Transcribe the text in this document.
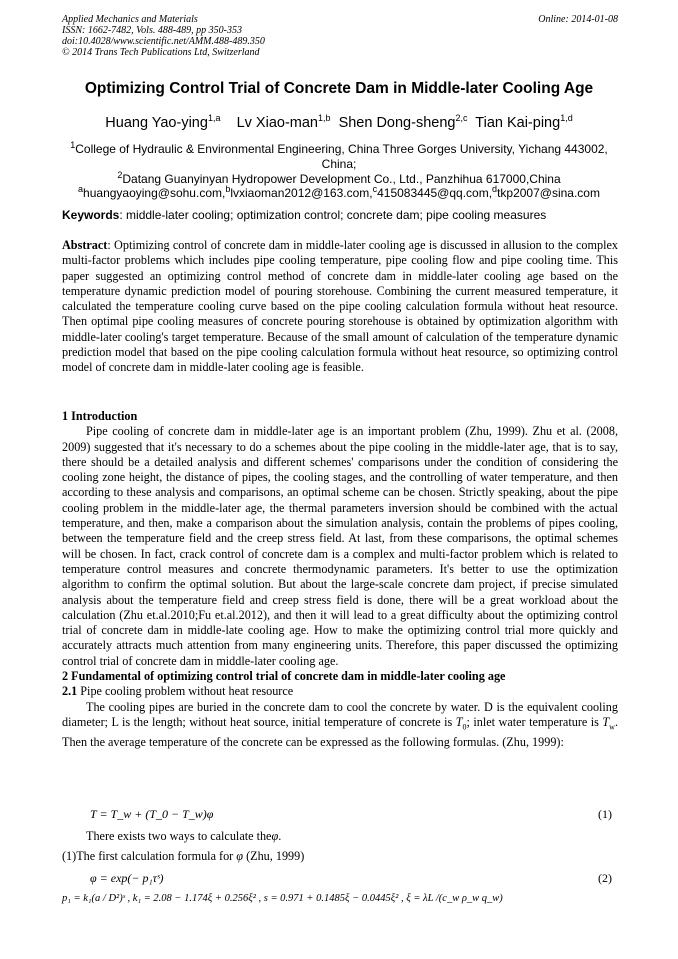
Applied Mechanics and Materials
ISSN: 1662-7482, Vols. 488-489, pp 350-353
doi:10.4028/www.scientific.net/AMM.488-489.350
© 2014 Trans Tech Publications Ltd, Switzerland
Online: 2014-01-08
Optimizing Control Trial of Concrete Dam in Middle-later Cooling Age
Huang Yao-ying$^{1,a}$ Lv Xiao-man$^{1,b}$ Shen Dong-sheng$^{2,c}$ Tian Kai-ping$^{1,d}$
$^1$College of Hydraulic & Environmental Engineering, China Three Gorges University, Yichang 443002, China;
$^2$Datang Guanyinyan Hydropower Development Co., Ltd., Panzhihua 617000,China
$^a$huangyaoying@sohu.com,$^b$lvxiaoman2012@163.com,$^c$415083445@qq.com,$^d$tkp2007@sina.com
Keywords: middle-later cooling; optimization control; concrete dam; pipe cooling measures
Abstract: Optimizing control of concrete dam in middle-later cooling age is discussed in allusion to the complex multi-factor problems which includes pipe cooling temperature, pipe cooling flow and pipe cooling time. This paper suggested an optimizing control method of concrete dam in middle-later cooling age based on the temperature dynamic prediction model of pouring storehouse. Combining the current measured temperature, it calculated the temperature cooling curve based on the pipe cooling calculation formula without heat resource. Then optimal pipe cooling measures of concrete pouring storehouse is obtained by optimization algorithm with middle-later cooling's target temperature. Because of the small amount of calculation of the temperature dynamic prediction model that based on the pipe cooling calculation formula without heat resource, so optimizing control model of concrete dam in middle-later cooling age is feasible.
1 Introduction
Pipe cooling of concrete dam in middle-later age is an important problem (Zhu, 1999). Zhu et al. (2008, 2009) suggested that it's necessary to do a schemes about the pipe cooling in the middle-later age, that is to say, there should be a detailed analysis and different schemes' comparisons under the condition of considering the cooling zone height, the distance of pipes, the cooling stages, and the controlling of water temperature, and then according to these analysis and comparisons, an optimal scheme can be chosen. Strictly speaking, about the pipe cooling problem in the middle-later age, the thermal parameters inversion should be combined with the actual temperature, and then, make a comparison about the simulation analysis, contain the problems of pipes cooling, between the temperature field and the creep stress field. At last, from these comparisons, the optimal schemes will be chosen. In fact, crack control of concrete dam is a complex and multi-factor problem which is related to temperature control measures and concrete thermodynamic parameters. It's better to use the optimization algorithm to confirm the optimal solution. But about the large-scale concrete dam project, if precise simulated analysis about the temperature field and creep stress field is done, there will be a great workload about the calculation (Zhu et.al.2010;Fu et.al.2012), and then it will lead to a great difficulty about the optimizing control trial of concrete dam in middle-late cooling age. How to make the optimizing control trial more quickly and accurately attracts much attention from many engineering units. Therefore, this paper discussed the optimizing control trial of concrete dam in middle-later cooling age.
2 Fundamental of optimizing control trial of concrete dam in middle-later cooling age
2.1 Pipe cooling problem without heat resource
The cooling pipes are buried in the concrete dam to cool the concrete by water. D is the equivalent cooling diameter; L is the length; without heat source, initial temperature of concrete is $T_0$; inlet water temperature is $T_w$. Then the average temperature of the concrete can be expressed as the following formulas. (Zhu, 1999):
T = T_w + (T_0 − T_w)φ	(1)
There exists two ways to calculate theφ.
(1)The first calculation formula for φ (Zhu, 1999)
φ = exp(− p₁τˢ)	(2)
p₁ = k₁(a / D²)ˢ , k₁ = 2.08 − 1.174ξ + 0.256ξ² , s = 0.971 + 0.1485ξ − 0.0445ξ² , ξ = λL /(c_w ρ_w q_w)
